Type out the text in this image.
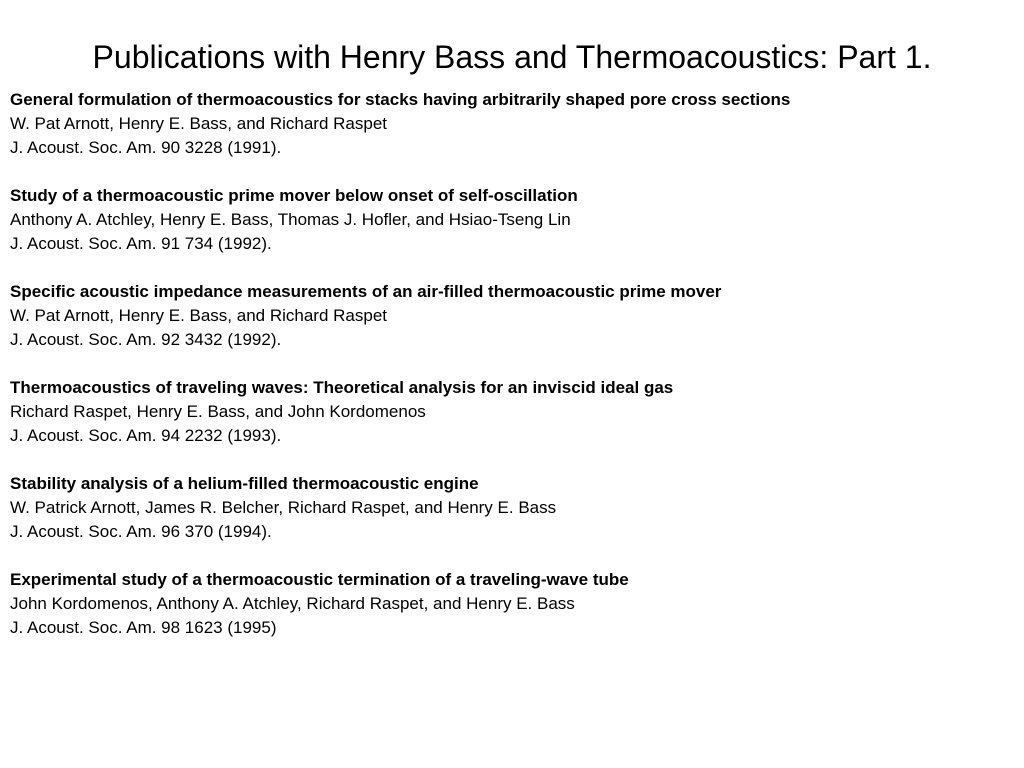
Publications with Henry Bass and Thermoacoustics: Part 1.
General formulation of thermoacoustics for stacks having arbitrarily shaped pore cross sections
W. Pat Arnott, Henry E. Bass, and Richard Raspet
J. Acoust. Soc. Am. 90 3228 (1991).
Study of a thermoacoustic prime mover below onset of self-oscillation
Anthony A. Atchley, Henry E. Bass, Thomas J. Hofler, and Hsiao-Tseng Lin
J. Acoust. Soc. Am. 91 734 (1992).
Specific acoustic impedance measurements of an air-filled thermoacoustic prime mover
W. Pat Arnott, Henry E. Bass, and Richard Raspet
J. Acoust. Soc. Am. 92 3432 (1992).
Thermoacoustics of traveling waves: Theoretical analysis for an inviscid ideal gas
Richard Raspet, Henry E. Bass, and John Kordomenos
J. Acoust. Soc. Am. 94 2232 (1993).
Stability analysis of a helium-filled thermoacoustic engine
W. Patrick Arnott, James R. Belcher, Richard Raspet, and Henry E. Bass
J. Acoust. Soc. Am. 96 370 (1994).
Experimental study of a thermoacoustic termination of a traveling-wave tube
John Kordomenos, Anthony A. Atchley, Richard Raspet, and Henry E. Bass
J. Acoust. Soc. Am. 98 1623 (1995)
